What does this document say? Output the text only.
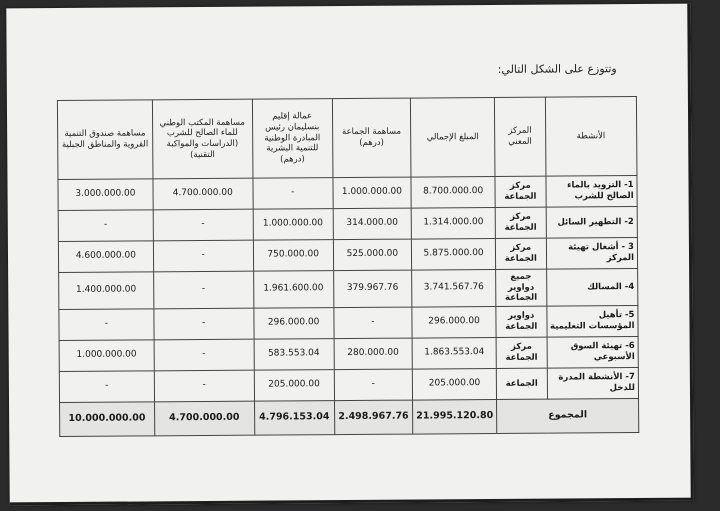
وتتوزع على الشكل التالي:
الأنشطة	المركز المعني	المبلغ الإجمالي	مساهمة الجماعة (درهم)	عمالة إقليم بنسليمان رئيس المبادرة الوطنية للتنمية البشرية (درهم)	مساهمة المكتب الوطني للماء الصالح للشرب (الدراسات والمواكبة التقنية)	مساهمة صندوق التنمية القروية والمناطق الجبلية
1- التزويد بالماء الصالح للشرب	مركز الجماعة	8.700.000.00	1.000.000.00	-	4.700.000.00	3.000.000.00
2- التطهير السائل	مركز الجماعة	1.314.000.00	314.000.00	1.000.000.00	-	-
3 - أشغال تهيئة المركز	مركز الجماعة	5.875.000.00	525.000.00	750.000.00	-	4.600.000.00
4- المسالك	جميع دواوير الجماعة	3.741.567.76	379.967.76	1.961.600.00	-	1.400.000.00
5- تأهيل المؤسسات التعليمية	دواوير الجماعة	296.000.00	-	296.000.00	-	-
6- تهيئة السوق الأسبوعي	مركز الجماعة	1.863.553.04	280.000.00	583.553.04	-	1.000.000.00
7- الأنشطة المدرة للدخل	الجماعة	205.000.00	-	205.000.00	-	-
المجموع		21.995.120.80	2.498.967.76	4.796.153.04	4.700.000.00	10.000.000.00
